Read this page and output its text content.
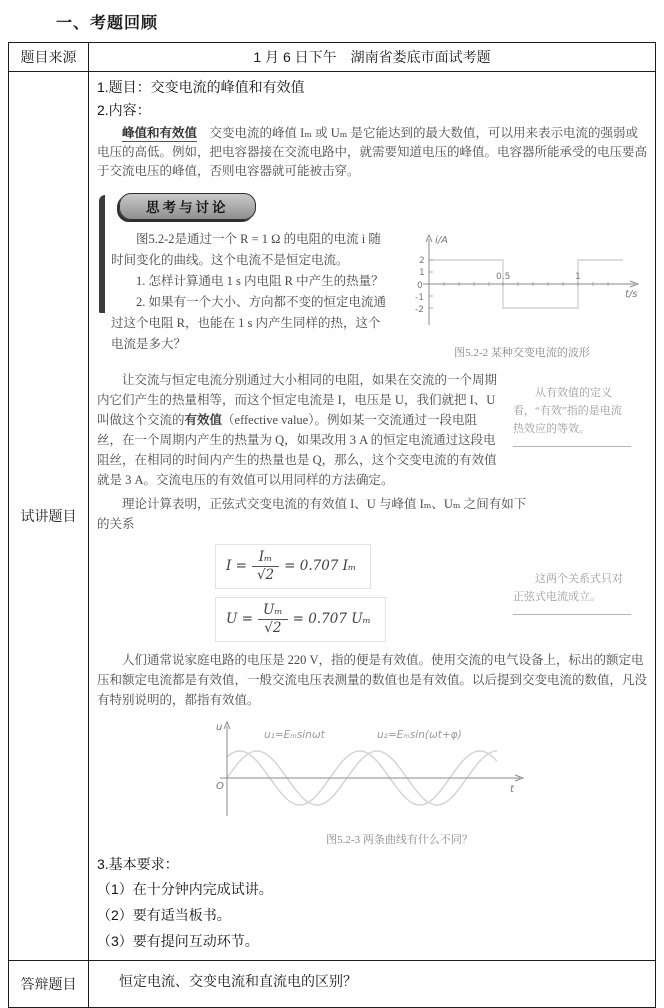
一、考题回顾
题目来源	1 月 6 日下午　湖南省娄底市面试考题
试讲题目	
1.题目：交变电流的峰值和有效值
2.内容：

峰值和有效值　交变电流的峰值 Iₘ 或 Uₘ 是它能达到的最大数值，可以用来表示电流的强弱或电压的高低。例如，把电容器接在交流电路中，就需要知道电压的峰值。电容器所能承受的电压要高于交流电压的峰值，否则电容器就可能被击穿。

思考与讨论

图5.2-2是通过一个 R = 1 Ω 的电阻的电流 i 随时间变化的曲线。这个电流不是恒定电流。

1. 怎样计算通电 1 s 内电阻 R 中产生的热量？

2. 如果有一个大小、方向都不变的恒定电流通过这个电阻 R，也能在 1 s 内产生同样的热，这个电流是多大？

i/A
t/s
0
2
1
-1
-2
0.5	1
图5.2-2 某种交变电流的波形
让交流与恒定电流分别通过大小相同的电阻，如果在交流的一个周期内它们产生的热量相等，而这个恒定电流是 I，电压是 U，我们就把 I、U 叫做这个交流的有效值（effective value）。例如某一交流通过一段电阻丝，在一个周期内产生的热量为 Q，如果改用 3 A 的恒定电流通过这段电阻丝，在相同的时间内产生的热量也是 Q，那么，这个交变电流的有效值就是 3 A。交流电压的有效值可以用同样的方法确定。
从有效值的定义看，“有效”指的是电流热效应的等效。

理论计算表明，正弦式交变电流的有效值 I、U 与峰值 Iₘ、Uₘ 之间有如下的关系

$I = \frac{\text{Iₘ}}{√2} = 0.707$ Iₘ
$U = \frac{\text{Uₘ}}{√2} = 0.707$ Uₘ
这两个关系式只对正弦式电流成立。

人们通常说家庭电路的电压是 220 V，指的便是有效值。使用交流的电气设备上，标出的额定电压和额定电流都是有效值，一般交流电压表测量的数值也是有效值。以后提到交变电流的数值，凡没有特别说明的，都指有效值。

u
t
O
u₁=Eₘsinωt	u₂=Eₘsin(ωt+φ)
图5.2-3 两条曲线有什么不同？
3.基本要求：
（1）在十分钟内完成试讲。
（2）要有适当板书。
（3）要有提问互动环节。

答辩题目	恒定电流、交变电流和直流电的区别？
